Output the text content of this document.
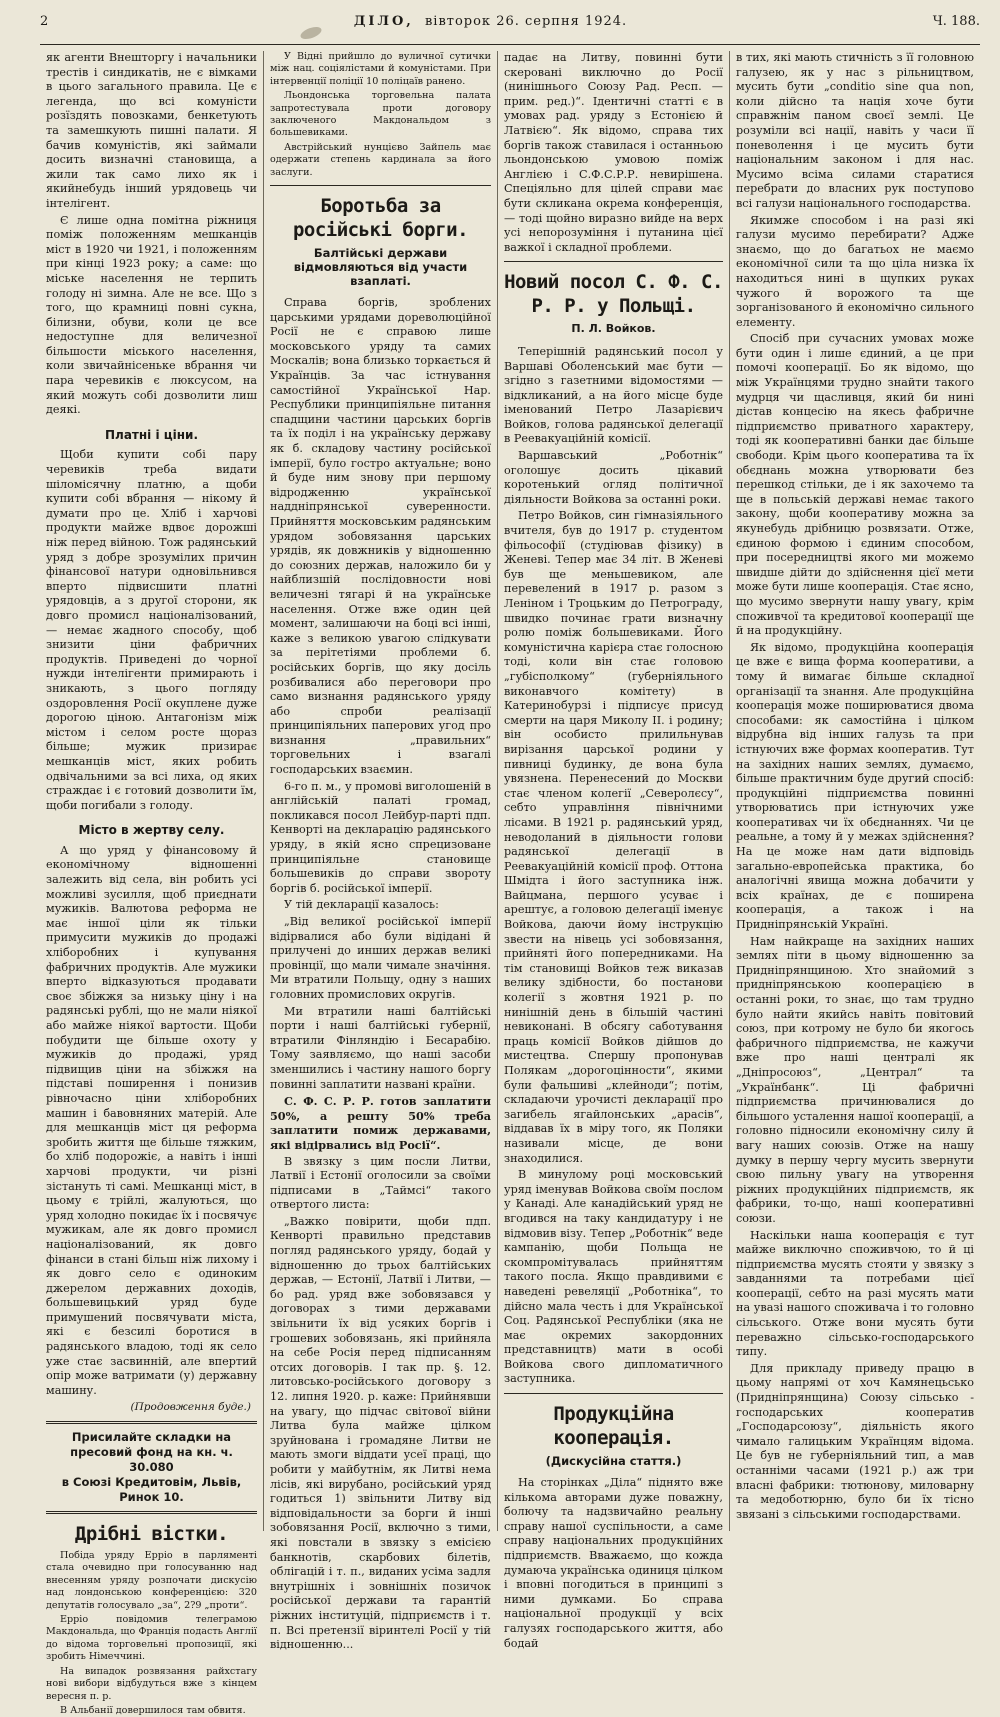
2	ДІЛО, вівторок 26. серпня 1924.	Ч. 188.

як агенти Внешторгу і начальники трестів і синдикатів, не є вімками в цього загального правила. Це є легенда, що всі комуністи розїздять повозками, бенкетують та замешкують пишні палати. Я бачив комуністів, які займали досить визначні становища, а жили так само лихо як і якийнебудь інший урядовець чи інтелігент.

Є лише одна помітна ріжниця поміж положенням мешканців міст в 1920 чи 1921, і положенням при кінці 1923 року; а саме: що міське населення не терпить голоду ні зимна. Але не все. Що з того, що крамниці повні сукна, білизни, обуви, коли це все недоступне для величезної більшости міського населення, коли звичайнісенькe вбрання чи пара черевиків є люксусом, на який можуть собі дозволити лиш деякі.

Платні і ціни.

Щоби купити собі пару черевиків треба видати шіломісячну платню, а щоби купити собі вбрання — нікому й думати про це. Хліб і харчові продукти майже вдвоє дорожші ніж перед війною. Тож радянський уряд з добре зрозумілих причин фінансової натури одновільнився вперто підвисшити платні урядовців, а з другої сторони, як довго промисл націоналізований, — немає жадного способу, щоб знизити ціни фабричних продуктів. Приведені до чорної нужди інтелігенти примирають і зникають, з цього погляду оздоровлення Росії окуплене дуже дорогою ціною. Антагонізм між містом і селом росте щораз більше; мужик призирає мешканців міст, яких робить одвічальними за всі лиха, од яких страждає і є готовий дозволити їм, щоби погибали з голоду.

Місто в жертву селу.

А що уряд у фінансовому й економічному відношенні залежить від села, він робить усі можливі зусилля, щоб приєднати мужиків. Валютова реформа не має іншої ціли як тільки примусити мужиків до продажі хліборобних і купування фабричних продуктів. Але мужики вперто відказуються продавати своє збіжжя за низьку ціну і на радянські рублі, що не мали ніякої або майже ніякої вартости. Щоби побудити ще більше охоту у мужиків до продажі, уряд підвищив ціни на збіжжя на підставі поширення і понизив рівночасно ціни хліборобних машин і бавовняних матерій. Але для мешканців міст ця реформа зробить життя ще більше тяжким, бо хліб подорожіє, а навіть і інші харчові продукти, чи різні зістануть ті самі. Мешканці міст, в цьому є трійлі, жалуються, що уряд холодно покидає їх і посвячує мужикам, але як довго промисл націоналізований, як довго фінанси в стані більш ніж лихому і як довго село є одиноким джерелом державних доходів, большевицький уряд буде примушений посвячувати міста, які є безсилі боротися в радянського владою, тоді як село уже стає засвинній, але впертий опір може ватримати (у) державну машину.

(Продовження буде.)
Присилайте складки на пресовий фонд на кн. ч. 30.080
в Союзі Кредитовім, Львів,
Ринок 10.
Дрібні вістки.

Побіда уряду Ерріо в парляменті стала очевидно при голосуванню над внесенням уряду розпочати дискусію над лондонською конференцією: 320 депутатів голосувало „за“, 2?9 „проти“.

Ерріо повідомив телеграмою Макдональда, що Франція подасть Англії до відома торговельні пропозиції, які зробить Німеччині.

На випадок розвязання райхстагу нові вибори відбудуться вже з кінцем вересня п. р.

В Альбанії довершилося там обвитя.

У Відні прийшло до вуличної сутички між нац. соціялістами й комуністами. При інтервенції поліції 10 поліцаїв ранено.

Льондонська торговельна палата запротестувала проти договору заключеного Макдональдом з большевиками.

Австрійський нунцієво Зайпель має одержати степень кардинала за його заслуги.

Боротьба за російські борги.
Балтійські держави відмовляються від участи взаплаті.

Справа боргів, зроблених царськими урядами дореволюційної Росії не є справою лише московського уряду та самих Москалів; вона близько торкається й Українців. За час істнування самостійної Української Нар. Республики принципіяльне питання спадщини частини царських боргів та їх поділ і на українську державу як б. складову частину російської імперії, було гостро актуальне; воно й буде ним знову при першому відродженню української наддніпрянської суверенности. Прийняття московським радянським урядом зобовязання царських урядів, як довжників у відношенню до союзних держав, наложило би у найблизшій послідовности нові величезні тягарі й на українське населення. Отже вже один цей момент, залишаючи на боці всі інші, каже з великою увагою слідкувати за перітетіями проблеми б. російських боргів, що яку досіль розбивалися або переговори про само визнання радянського уряду або спроби реалізації принципіяльних паперових угод про визнання „правильних“ торговельних і взагалі господарських взаємин.

6-го п. м., у промові виголошеній в англійській палаті громад, покликався посол Лейбур-парті пдп. Кенворті на декларацію радянського уряду, в якій ясно спрецизоване принципіяльне становище большевиків до справи звороту боргів б. російської імперії.

У тій декларації казалось:

„Від великої російської імперії відірвалися або були відідані й прилучені до инших держав великі провінції, що мали чимале значіння. Ми втратили Польщу, одну з наших головних промислових округів.

Ми втратили наші балтійські порти і наші балтійські губернії, втратили Фінляндію і Бесарабію. Тому заявляємо, що наші засоби зменшились і частину нашого боргу повинні заплатити названі країни.

С. Ф. С. Р. Р. готов заплатити 50%, а решту 50% треба заплатити помиж державами, які відірвались від Росії“.

В звязку з цим посли Литви, Латвії і Естонії оголосили за своїми підписами в „Таймсі“ такого отвертого листа:

„Важко повірити, щоби пдп. Кенворті правильно представив погляд радянського уряду, бодай у відношенню до трьох балтійських держав, — Естонії, Латвії і Литви, — бо рад. уряд вже зобовязався у договорах з тими державами звільнити їх від усяких боргів і грошевих зобовязань, які прийняла на себе Росія перед підписанням отсих договорів. І так пр. §. 12. литовсько-російського договору з 12. липня 1920. р. каже: Прийнявши на увагу, що підчас світової війни Литва була майже цілком зруйнована і громадяне Литви не мають змоги віддати усеї праці, що робити у майбутнім, як Литві нема лісів, які вирубано, російський уряд годиться 1) звільнити Литву від відповідальности за борги й інші зобовязання Росії, включно з тими, які повстали в звязку з емісією банкнотів, скарбових білетів, облігацій і т. п., виданих усіма задля внутрішніх і зовнішніх позичок російської держави та гарантій ріжних інституцій, підприємств і т. п. Всі претензії віринтелі Росії у тій відношенню...

падає на Литву, повинні бути скеровані виключно до Росії (нинішнього Союзу Рад. Респ. — прим. ред.)“. Ідентичні статті є в умовах рад. уряду з Естонією й Латвією“. Як відомо, справа тих боргів також ставилася і останньою льондонською умовою поміж Англією і С.Ф.С.Р.Р. невирішена. Спеціяльно для цілей справи має бути скликана окрема конференція, — тоді щойно виразно вийде на верх усі непорозуміння і путанина цієї важкої і складної проблеми.

Новий посол С. Ф. С. Р. Р. у Польщі.
П. Л. Войков.

Теперішній радянський посол у Варшаві Оболенський має бути — згідно з газетними відомостями — відкликаний, а на його місце буде іменований Петро Лазарієвич Войков, голова радянської делегації в Реевакуаційній комісії.

Варшавський „Роботнік“ оголошує досить цікавий коротенький огляд політичної діяльности Войкова за останні роки.

Петро Войков, син гімназіяльного вчителя, був до 1917 р. студентом фільософії (студіював фізику) в Женеві. Тепер має 34 літ. В Женеві був ще меньшевиком, але перевелений в 1917 р. разом з Леніном і Троцьким до Петрограду, швидко починає грати визначну ролю поміж большевиками. Його комуністична карієра стає голосною тоді, коли він стає головою „губісполкому“ (губерніяльного виконавчого комітету) в Катеринобурзі і підписує присуд смерти на царя Миколу ІІ. і родину; він особисто прилильнував вирізання царської родини у пивниці будинку, де вона була увязнена. Перенесений до Москви стає членом колегії „Северолєсу“, себто управління північними лісами. В 1921 р. радянський уряд, неводоланий в діяльности голови радянської делегації в Реевакуаційній комісії проф. Оттона Шмідта і його заступника інж. Вайцмана, першого усуває і арештує, а головою делегації іменує Войкова, даючи йому інструкцію звести на нівець усі зобовязання, прийняті його попередниками. На тім становищі Войков теж виказав велику здібности, бо постанови колегії з жовтня 1921 р. по нинішній день в більшій частині невиконані. В обсягу саботування праць комісії Войков дійшов до мистецтва. Спершу пропонував Полякам „дорогоцінности“, якими були фальшиві „клейноди“; потім, складаючи урочисті декларації про загибель ягайлонських „арасів“, віддавав їх в міру того, як Поляки називали місце, де вони знаходилися.

В минулому році московський уряд іменував Войкова своїм послом у Канаді. Але канадійський уряд не вгодився на таку кандидатуру і не відмовив візу. Тепер „Роботнік“ веде кампанію, щоби Польща не скомпромітувалась прийняттям такого посла. Якщо правдивими є наведені ревеляції „Роботніка“, то дійсно мала честь і для Української Соц. Радянської Республіки (яка не має окремих закордонних представництв) мати в особі Войкова свого дипломатичного заступника.

Продукційна кооперація.
(Дискусійна стаття.)

На сторінках „Діла“ піднято вже кількома авторами дуже поважну, болючу та надзвичайно реальну справу нашої суспільности, а саме справу національних продукційних підприємств. Вважаємо, що кожда думаюча українська одиниця цілком і вповні погодиться в принципі з ними думками. Бо справа національної продукції у всіх галузях господарського життя, або бодай

в тих, які мають стичність з її головною галузею, як у нас з рільництвом, мусить бути „conditio sine qua non, коли дійсно та нація хоче бути справжнім паном своєї землі. Це розуміли всі нації, навіть у часи її поневолення і це мусить бути національним законом і для нас. Мусимо всіма силами старатися перебрати до власних рук поступово всі галузи національного господарства.

Якимже способом і на разі які галузи мусимо перебирати? Адже знаємо, що до багатьох не маємо економічної сили та що ціла низка їх находиться нині в щупких руках чужого й ворожого та ще зорганізованого й економічно сильного елементу.

Спосіб при сучасних умовах може бути один і лише єдиний, а це при помочі кооперації. Бо як відомо, що між Українцями трудно знайти такого мудрця чи щасливця, який би нині дістав концесію на якесь фабричне підприємство приватного характеру, тоді як кооперативні банки дає більше свободи. Крім цього кооператива та їх обєднань можна утворювати без перешкод стільки, де і як захочемо та ще в польській державі немає такого закону, щоби кооперативу можна за якунебудь дрібницю розвязати. Отже, єдиною формою і єдиним способом, при посередництві якого ми можемо швидше дійти до здійснення цієї мети може бути лише кооперація. Стає ясно, що мусимо звернути нашу увагу, крім споживчої та кредитової кооперації ще й на продукційну.

Як відомо, продукційна кооперація це вже є вища форма кооперативи, а тому й вимагає більше складної організації та знання. Але продукційна кооперація може поширюватися двома способами: як самостійна і цілком відрубна від інших галузь та при істнуючих вже формах кооператив. Тут на західних наших землях, думаємо, більше практичним буде другий спосіб: продукційні підприємства повинні утворюватись при істнуючих уже кооперативах чи їх обєднаннях. Чи це реальне, а тому й у межах здійснення? На це може нам дати відповідь загально-европейська практика, бо аналогічні явища можна добачити у всіх країнах, де є поширена кооперація, а також і на Придніпрянській Україні.

Нам найкраще на західних наших землях піти в цьому відношенню за Придніпрянщиною. Хто знайомий з придніпрянською кооперацією в останні роки, то знає, що там трудно було найти якийсь навіть повітовий союз, при котрому не було би якогось фабричного підприємства, не кажучи вже про наші централі як „Дніпросоюз“, „Централ“ та „Українбанк“. Ці фабричні підприємства причинювалися до більшого усталення нашої кооперації, а головно підносили економічну силу й вагу наших союзів. Отже на нашу думку в першу чергу мусить звернути свою пильну увагу на утворення ріжних продукційних підприємств, як фабрики, то-що, наші кооперативні союзи.

Наскільки наша кооперація є тут майже виключно споживчою, то й ці підприємства мусять стояти у звязку з завданнями та потребами цієї кооперації, себто на разі мусять мати на увазі нашого споживача і то головно сільського. Отже вони мусять бути переважно сільсько-господарського типу.

Для прикладу приведу працю в цьому напрямі от хоч Камянецьсько (Придніпрянщина) Союзу сільсько - господарських кооператив „Господарсоюзу“, діяльність якого чимало галицьким Українцям відома. Це був не губерніяльний тип, а мав останніми часами (1921 р.) аж три власні фабрики: тютюнову, миловарну та медоботюрню, було би їх тісно звязані з сільськими господарствами.
